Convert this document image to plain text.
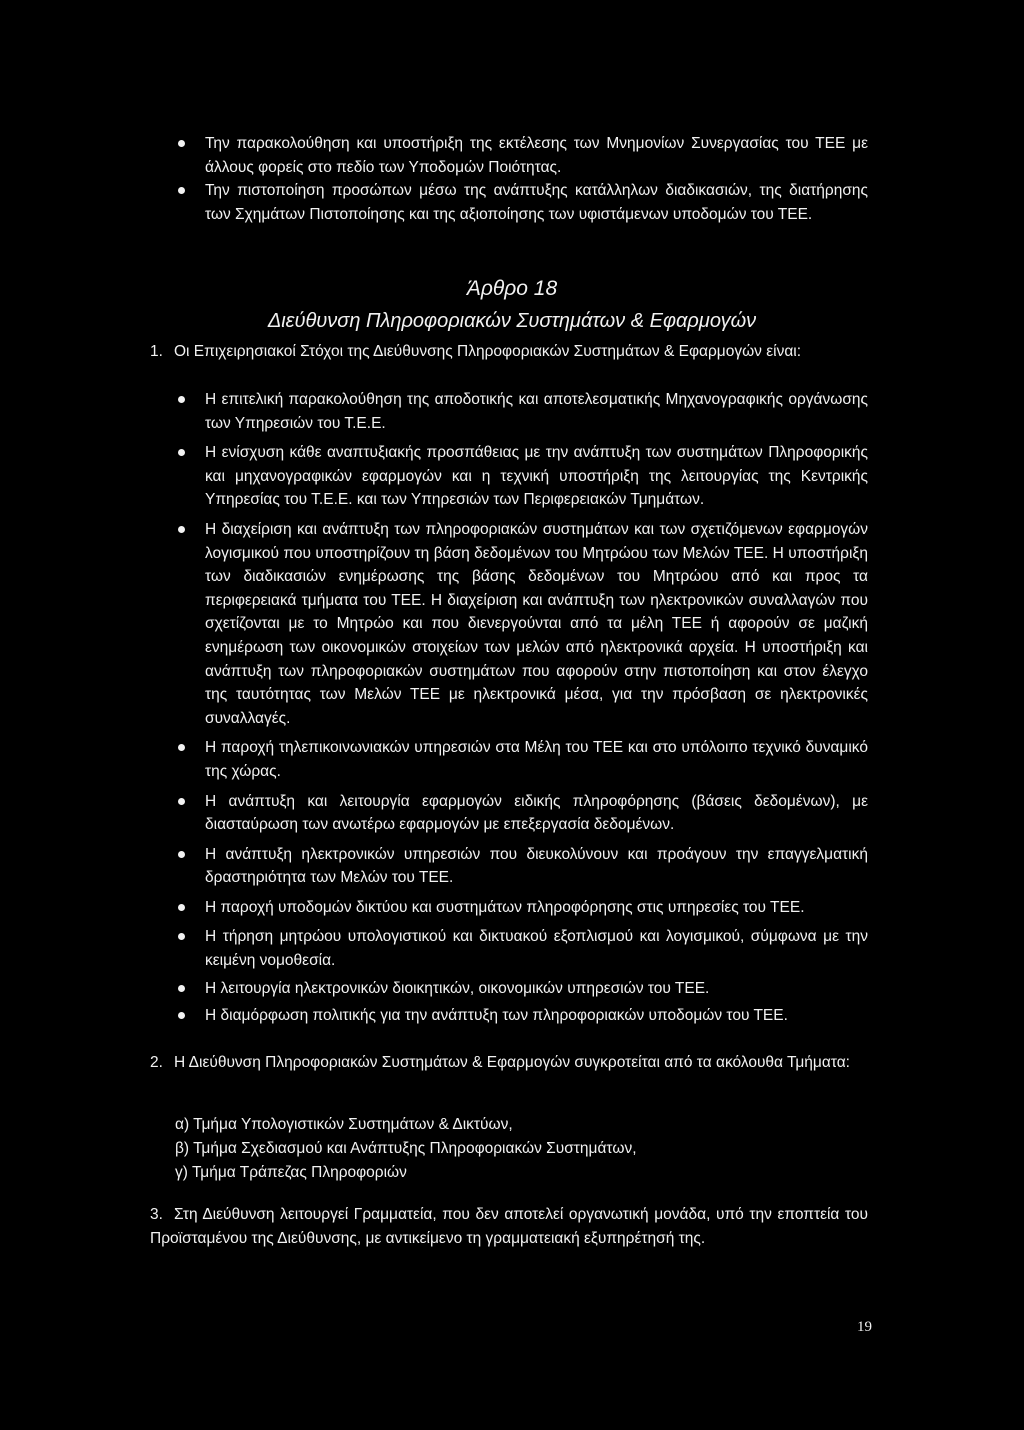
Την παρακολούθηση και υποστήριξη της εκτέλεσης των Μνημονίων Συνεργασίας του ΤΕΕ με άλλους φορείς στο πεδίο των Υποδομών Ποιότητας.
Την πιστοποίηση προσώπων μέσω της ανάπτυξης κατάλληλων διαδικασιών, της διατήρησης των Σχημάτων Πιστοποίησης και της αξιοποίησης των υφιστάμενων υποδομών του ΤΕΕ.
Άρθρο 18
Διεύθυνση Πληροφοριακών Συστημάτων & Εφαρμογών
1. Οι Επιχειρησιακοί Στόχοι της Διεύθυνσης Πληροφοριακών Συστημάτων & Εφαρμογών είναι:
Η επιτελική παρακολούθηση της αποδοτικής και αποτελεσματικής Μηχανογραφικής οργάνωσης των Υπηρεσιών του Τ.Ε.Ε.
Η ενίσχυση κάθε αναπτυξιακής προσπάθειας με την ανάπτυξη των συστημάτων Πληροφορικής και μηχανογραφικών εφαρμογών και η τεχνική υποστήριξη της λειτουργίας της Κεντρικής Υπηρεσίας του Τ.Ε.Ε. και των Υπηρεσιών των Περιφερειακών Τμημάτων.
Η διαχείριση και ανάπτυξη των πληροφοριακών συστημάτων και των σχετιζόμενων εφαρμογών λογισμικού που υποστηρίζουν τη βάση δεδομένων του Μητρώου των Μελών ΤΕΕ. Η υποστήριξη των διαδικασιών ενημέρωσης της βάσης δεδομένων του Μητρώου από και προς τα περιφερειακά τμήματα του ΤΕΕ. Η διαχείριση και ανάπτυξη των ηλεκτρονικών συναλλαγών που σχετίζονται με το Μητρώο και που διενεργούνται από τα μέλη ΤΕΕ ή αφορούν σε μαζική ενημέρωση των οικονομικών στοιχείων των μελών από ηλεκτρονικά αρχεία. Η υποστήριξη και ανάπτυξη των πληροφοριακών συστημάτων που αφορούν στην πιστοποίηση και στον έλεγχο της ταυτότητας των Μελών ΤΕΕ με ηλεκτρονικά μέσα, για την πρόσβαση σε ηλεκτρονικές συναλλαγές.
Η παροχή τηλεπικοινωνιακών υπηρεσιών στα Μέλη του ΤΕΕ και στο υπόλοιπο τεχνικό δυναμικό της χώρας.
Η ανάπτυξη και λειτουργία εφαρμογών ειδικής πληροφόρησης (βάσεις δεδομένων), με διασταύρωση των ανωτέρω εφαρμογών με επεξεργασία δεδομένων.
Η ανάπτυξη ηλεκτρονικών υπηρεσιών που διευκολύνουν και προάγουν την επαγγελματική δραστηριότητα των Μελών του ΤΕΕ.
Η παροχή υποδομών δικτύου και συστημάτων πληροφόρησης στις υπηρεσίες του ΤΕΕ.
Η τήρηση μητρώου υπολογιστικού και δικτυακού εξοπλισμού και λογισμικού, σύμφωνα με την κειμένη νομοθεσία.
Η λειτουργία ηλεκτρονικών διοικητικών, οικονομικών υπηρεσιών του ΤΕΕ.
Η διαμόρφωση πολιτικής για την ανάπτυξη των πληροφοριακών υποδομών του ΤΕΕ.
2. Η Διεύθυνση Πληροφοριακών Συστημάτων & Εφαρμογών συγκροτείται από τα ακόλουθα Τμήματα:
α) Τμήμα Υπολογιστικών Συστημάτων & Δικτύων,
β) Τμήμα Σχεδιασμού και Ανάπτυξης Πληροφοριακών Συστημάτων,
γ) Τμήμα Τράπεζας Πληροφοριών
3. Στη Διεύθυνση λειτουργεί Γραμματεία, που δεν αποτελεί οργανωτική μονάδα, υπό την εποπτεία του Προϊσταμένου της Διεύθυνσης, με αντικείμενο τη γραμματειακή εξυπηρέτησή της.
19
